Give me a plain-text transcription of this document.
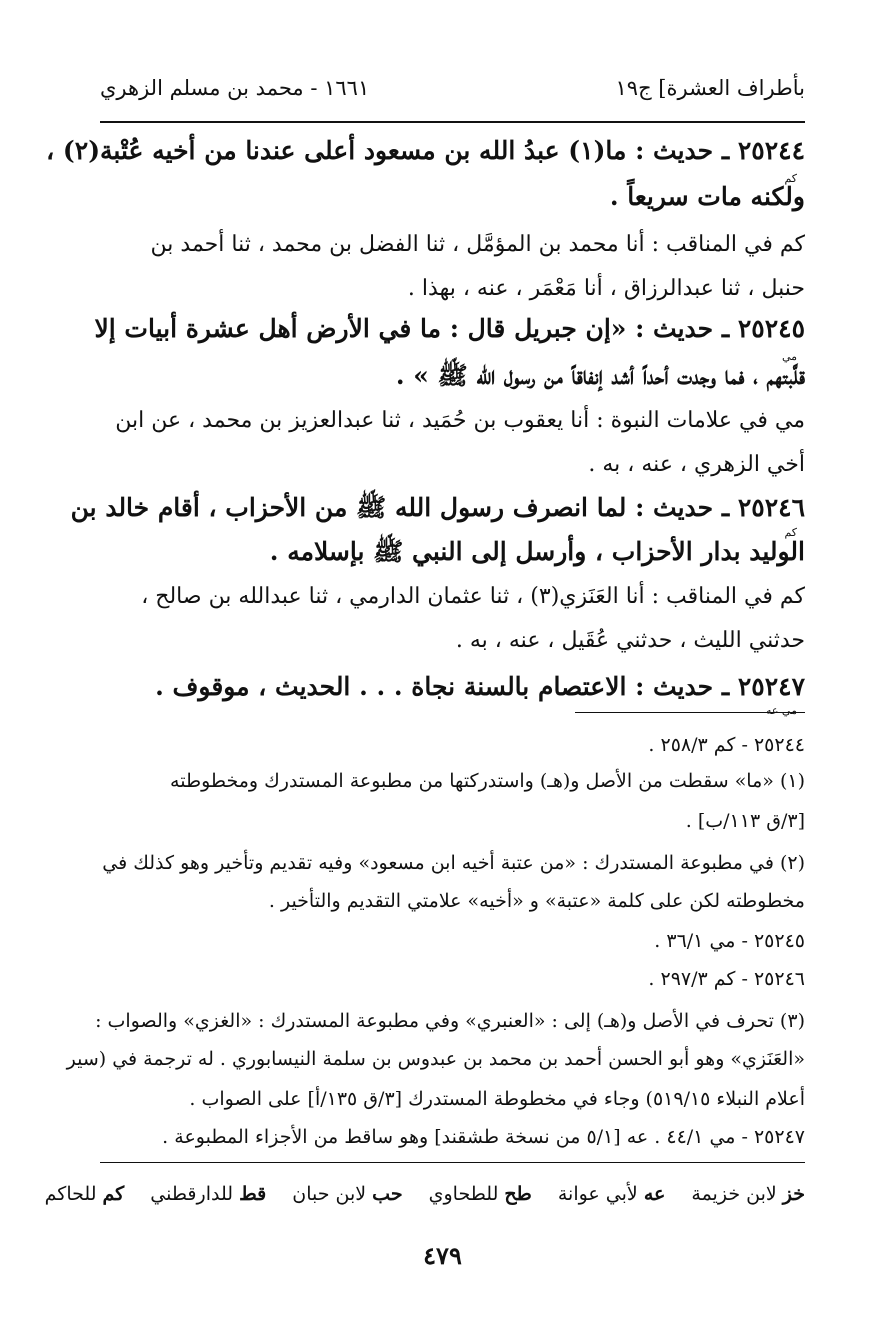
بأطراف العشرة] ج١٩
١٦٦١ - محمد بن مسلم الزهري
٢٥٢٤٤ ـ حديث : ما(١) عبدُ الله بن مسعود أعلى عندنا من أخيه عُتْبة(٢) ،
كم
ولكنه مات سريعاً .
كم في المناقب : أنا محمد بن المؤمَّل ، ثنا الفضل بن محمد ، ثنا أحمد بن
حنبل ، ثنا عبدالرزاق ، أنا مَعْمَر ، عنه ، بهذا .
٢٥٢٤٥ ـ حديث : «إن جبريل قال : ما في الأرض أهل عشرة أبيات إلا
مي
قلَّبتهم ، فما وجدت أحداً أشد إنفاقاً من رسول الله ﷺ » .
مي في علامات النبوة : أنا يعقوب بن حُمَيد ، ثنا عبدالعزيز بن محمد ، عن ابن
أخي الزهري ، عنه ، به .
٢٥٢٤٦ ـ حديث : لما انصرف رسول الله ﷺ من الأحزاب ، أقام خالد بن
كم
الوليد بدار الأحزاب ، وأرسل إلى النبي ﷺ بإسلامه .
كم في المناقب : أنا العَنَزي(٣) ، ثنا عثمان الدارمي ، ثنا عبدالله بن صالح ،
حدثني الليث ، حدثني عُقَيل ، عنه ، به .
٢٥٢٤٧ ـ حديث : الاعتصام بالسنة نجاة . . . الحديث ، موقوف .
مي عه
٢٥٢٤٤ - كم ٢٥٨/٣ .
(١) «ما» سقطت من الأصل و(هـ) واستدركتها من مطبوعة المستدرك ومخطوطته
[٣/ق ١١٣/ب] .
(٢) في مطبوعة المستدرك : «من عتبة أخيه ابن مسعود» وفيه تقديم وتأخير وهو كذلك في
مخطوطته لكن على كلمة «عتبة» و «أخيه» علامتي التقديم والتأخير .
٢٥٢٤٥ - مي ٣٦/١ .
٢٥٢٤٦ - كم ٢٩٧/٣ .
(٣) تحرف في الأصل و(هـ) إلى : «العنبري» وفي مطبوعة المستدرك : «الغزي» والصواب :
«العَنَزي» وهو أبو الحسن أحمد بن محمد بن عبدوس بن سلمة النيسابوري . له ترجمة في (سير
أعلام النبلاء ٥١٩/١٥) وجاء في مخطوطة المستدرك [٣/ق ١٣٥/أ] على الصواب .
٢٥٢٤٧ - مي ٤٤/١ . عه [٥/١ من نسخة طشقند] وهو ساقط من الأجزاء المطبوعة .
خز لابن خزيمة عه لأبي عوانة طح للطحاوي حب لابن حبان قط للدارقطني كم للحاكم
٤٧٩
